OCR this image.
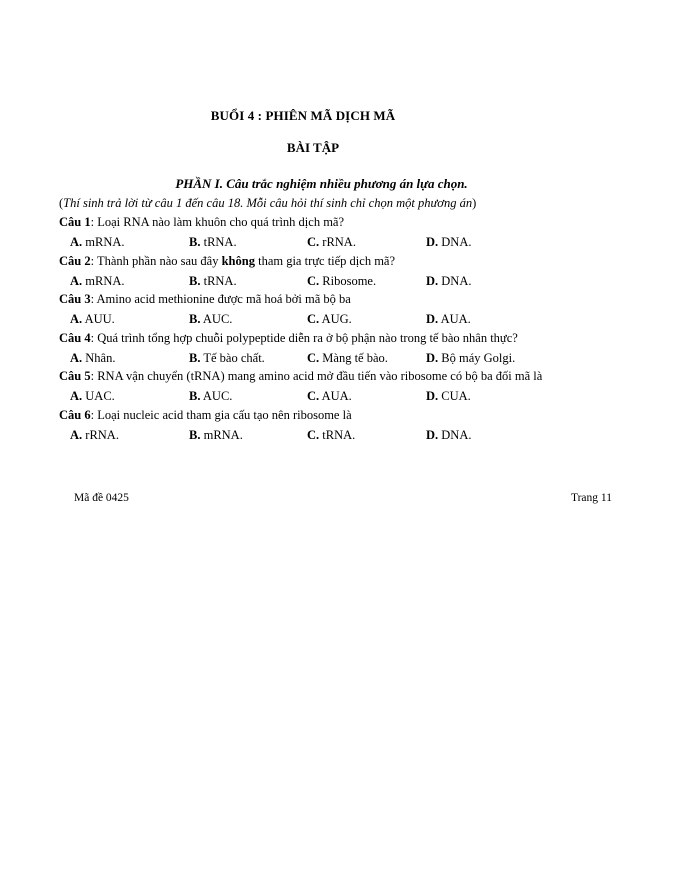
BUỔI 4 : PHIÊN MÃ DỊCH MÃ
BÀI TẬP
PHẦN I. Câu trắc nghiệm nhiều phương án lựa chọn.
(Thí sinh trả lời từ câu 1 đến câu 18. Mỗi câu hỏi thí sinh chỉ chọn một phương án)
Câu 1: Loại RNA nào làm khuôn cho quá trình dịch mã?
A. mRNA.	B. tRNA.	C. rRNA.	D. DNA.
Câu 2: Thành phần nào sau đây không tham gia trực tiếp dịch mã?
A. mRNA.	B. tRNA.	C. Ribosome.	D. DNA.
Câu 3: Amino acid methionine được mã hoá bởi mã bộ ba
A. AUU.	B. AUC.	C. AUG.	D. AUA.
Câu 4: Quá trình tổng hợp chuỗi polypeptide diễn ra ở bộ phận nào trong tế bào nhân thực?
A. Nhân.	B. Tế bào chất.	C. Màng tế bào.	D. Bộ máy Golgi.
Câu 5: RNA vận chuyển (tRNA) mang amino acid mở đầu tiến vào ribosome có bộ ba đối mã là
A. UAC.	B. AUC.	C. AUA.	D. CUA.
Câu 6: Loại nucleic acid tham gia cấu tạo nên ribosome là
A. rRNA.	B. mRNA.	C. tRNA.	D. DNA.
Mã đề 0425	Trang 11
